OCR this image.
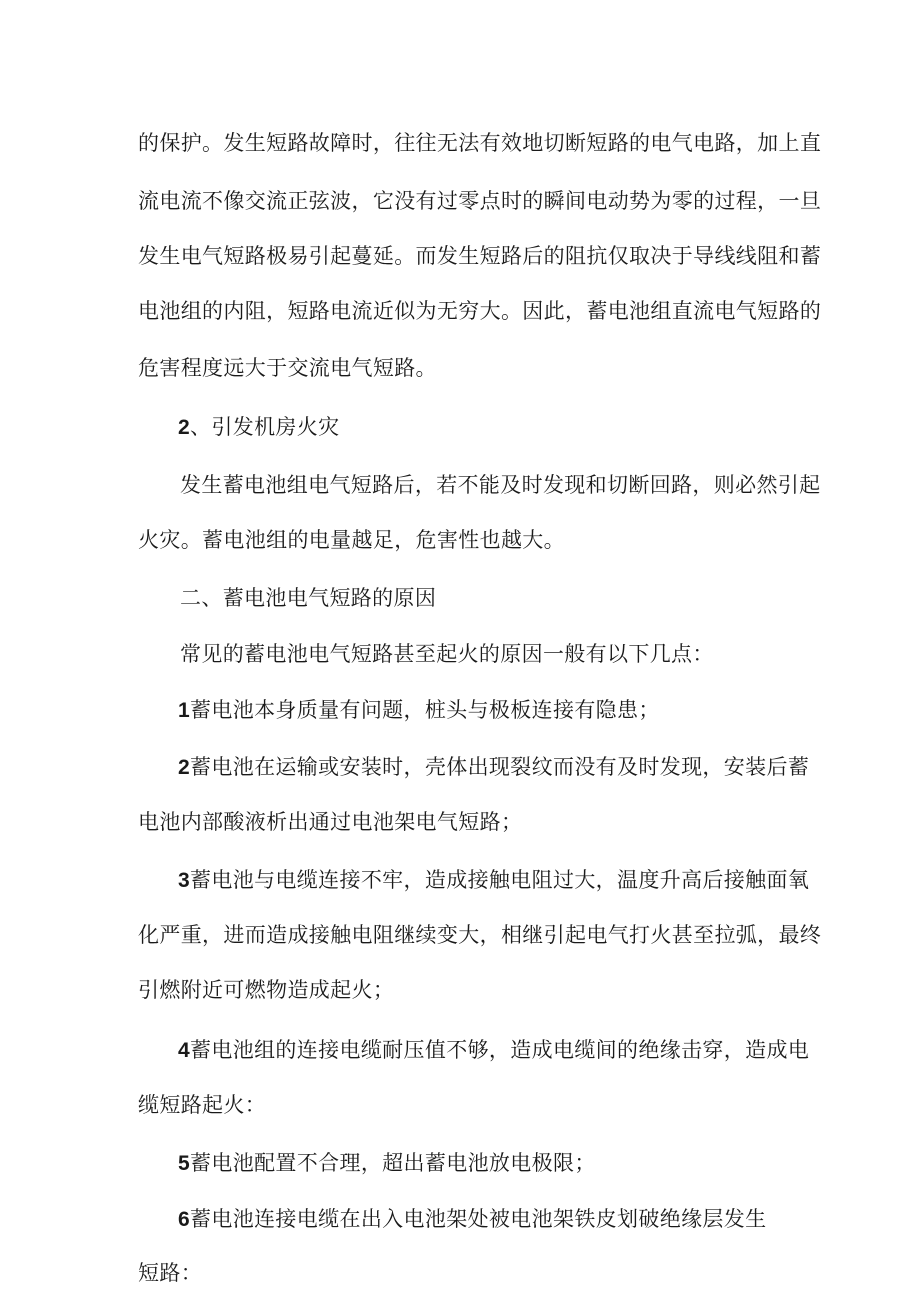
的保护。发生短路故障时，往往无法有效地切断短路的电气电路，加上直
流电流不像交流正弦波，它没有过零点时的瞬间电动势为零的过程，一旦
发生电气短路极易引起蔓延。而发生短路后的阻抗仅取决于导线线阻和蓄
电池组的内阻，短路电流近似为无穷大。因此，蓄电池组直流电气短路的
危害程度远大于交流电气短路。
2、引发机房火灾
发生蓄电池组电气短路后，若不能及时发现和切断回路，则必然引起
火灾。蓄电池组的电量越足，危害性也越大。
二、蓄电池电气短路的原因
常见的蓄电池电气短路甚至起火的原因一般有以下几点：
1蓄电池本身质量有问题，桩头与极板连接有隐患；
2蓄电池在运输或安装时，壳体出现裂纹而没有及时发现，安装后蓄
电池内部酸液析出通过电池架电气短路；
3蓄电池与电缆连接不牢，造成接触电阻过大，温度升高后接触面氧
化严重，进而造成接触电阻继续变大，相继引起电气打火甚至拉弧，最终
引燃附近可燃物造成起火；
4蓄电池组的连接电缆耐压值不够，造成电缆间的绝缘击穿，造成电
缆短路起火：
5蓄电池配置不合理，超出蓄电池放电极限；
6蓄电池连接电缆在出入电池架处被电池架铁皮划破绝缘层发生
短路：
